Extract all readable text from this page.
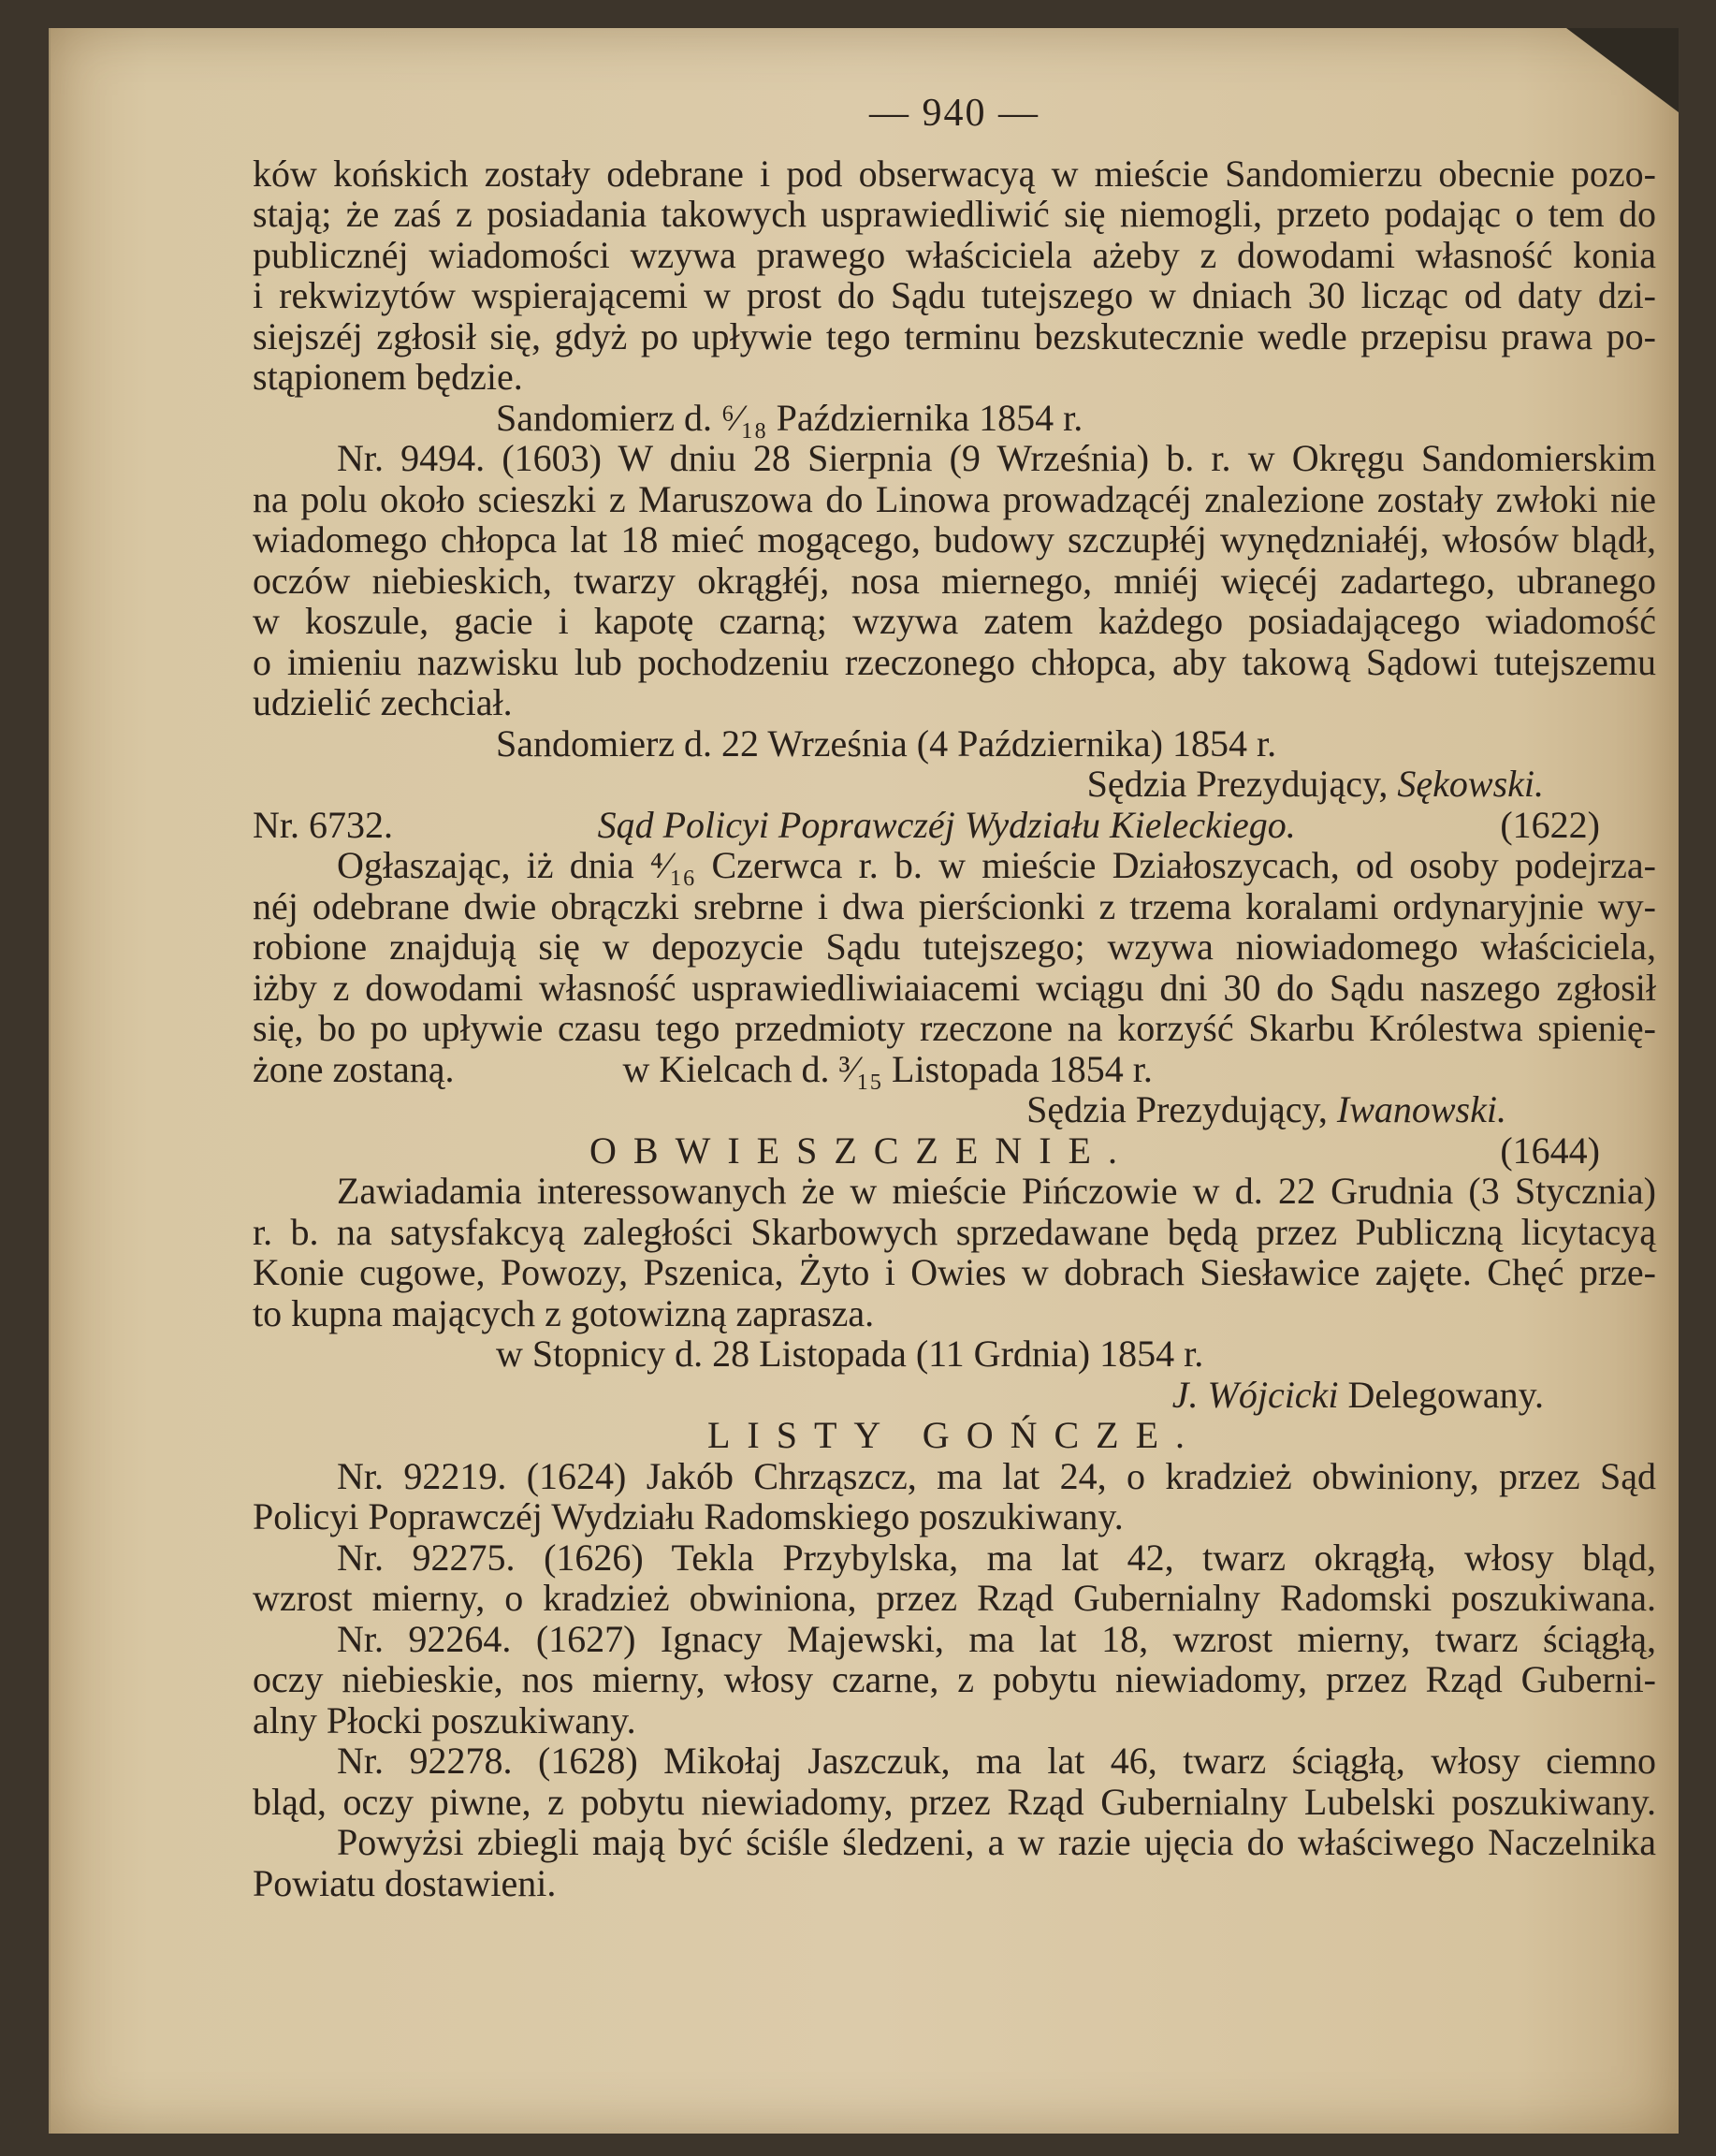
— 940 —
ków końskich zostały odebrane i pod obserwacyą w mieście Sandomierzu obecnie pozo-
stają; że zaś z posiadania takowych usprawiedliwić się niemogli, przeto podając o tem do
publicznéj wiadomości wzywa prawego właściciela ażeby z dowodami własność konia
i rekwizytów wspierającemi w prost do Sądu tutejszego w dniach 30 licząc od daty dzi-
siejszéj zgłosił się, gdyż po upływie tego terminu bezskutecznie wedle przepisu prawa po-
stąpionem będzie.
Sandomierz d. ⁶⁄₁₈ Października 1854 r.
Nr. 9494. (1603) W dniu 28 Sierpnia (9 Września) b. r. w Okręgu Sandomierskim
na polu około scieszki z Maruszowa do Linowa prowadzącéj znalezione zostały zwłoki nie
wiadomego chłopca lat 18 mieć mogącego, budowy szczupłéj wynędzniałéj, włosów blądł,
oczów niebieskich, twarzy okrągłéj, nosa miernego, mniéj więcéj zadartego, ubranego
w koszule, gacie i kapotę czarną; wzywa zatem każdego posiadającego wiadomość
o imieniu nazwisku lub pochodzeniu rzeczonego chłopca, aby takową Sądowi tutejszemu
udzielić zechciał.
Sandomierz d. 22 Września (4 Października) 1854 r.
Sędzia Prezydujący, Sękowski.
Nr. 6732.	Sąd Policyi Poprawczéj Wydziału Kieleckiego.	(1622)
Ogłaszając, iż dnia ⁴⁄₁₆ Czerwca r. b. w mieście Działoszycach, od osoby podejrza-
néj odebrane dwie obrączki srebrne i dwa pierścionki z trzema koralami ordynaryjnie wy-
robione znajdują się w depozycie Sądu tutejszego; wzywa niowiadomego właściciela,
iżby z dowodami własność usprawiedliwiaiacemi wciągu dni 30 do Sądu naszego zgłosił
się, bo po upływie czasu tego przedmioty rzeczone na korzyść Skarbu Królestwa spienię-
żone zostaną.	w Kielcach d. ³⁄₁₅ Listopada 1854 r.
Sędzia Prezydujący, Iwanowski.
OBWIESZCZENIE.	(1644)
Zawiadamia interessowanych że w mieście Pińczowie w d. 22 Grudnia (3 Stycznia)
r. b. na satysfakcyą zaległości Skarbowych sprzedawane będą przez Publiczną licytacyą
Konie cugowe, Powozy, Pszenica, Żyto i Owies w dobrach Siesławice zajęte. Chęć prze-
to kupna mających z gotowizną zaprasza.
w Stopnicy d. 28 Listopada (11 Grdnia) 1854 r.
J. Wójcicki Delegowany.
LISTY GOŃCZE.
Nr. 92219. (1624) Jakób Chrząszcz, ma lat 24, o kradzież obwiniony, przez Sąd
Policyi Poprawczéj Wydziału Radomskiego poszukiwany.
Nr. 92275. (1626) Tekla Przybylska, ma lat 42, twarz okrągłą, włosy bląd,
wzrost mierny, o kradzież obwiniona, przez Rząd Gubernialny Radomski poszukiwana.
Nr. 92264. (1627) Ignacy Majewski, ma lat 18, wzrost mierny, twarz ściągłą,
oczy niebieskie, nos mierny, włosy czarne, z pobytu niewiadomy, przez Rząd Guberni-
alny Płocki poszukiwany.
Nr. 92278. (1628) Mikołaj Jaszczuk, ma lat 46, twarz ściągłą, włosy ciemno
bląd, oczy piwne, z pobytu niewiadomy, przez Rząd Gubernialny Lubelski poszukiwany.
Powyżsi zbiegli mają być ściśle śledzeni, a w razie ujęcia do właściwego Naczelnika
Powiatu dostawieni.
